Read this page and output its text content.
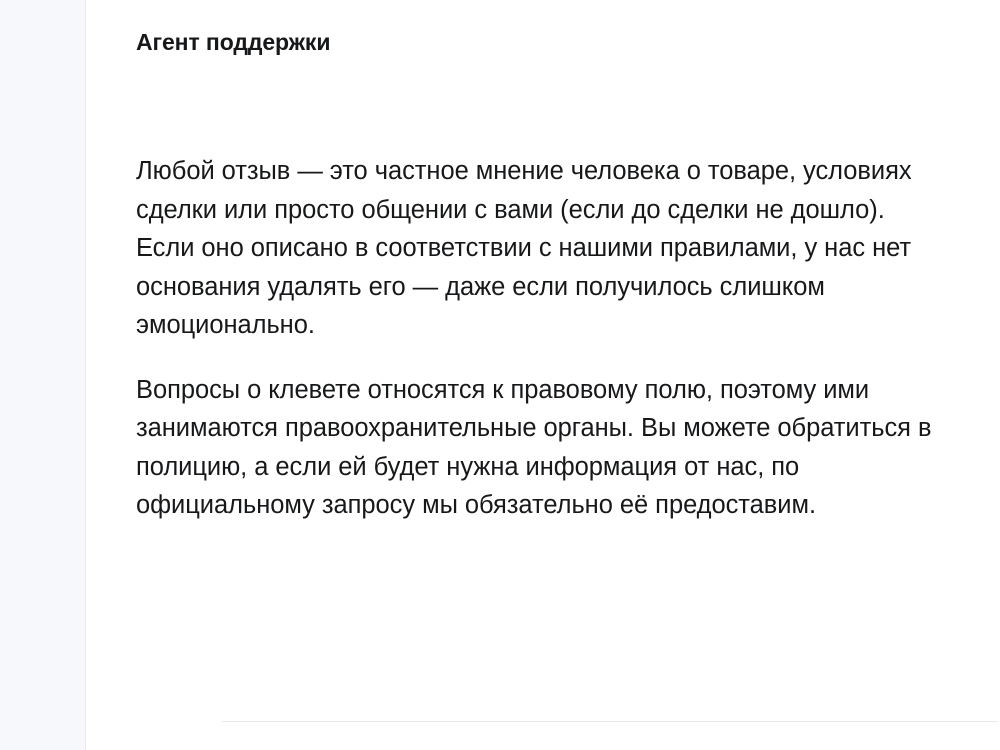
Агент поддержки

Любой отзыв — это частное мнение человека о товаре, условиях сделки или просто общении с вами (если до сделки не дошло). Если оно описано в соответствии с нашими правилами, у нас нет основания удалять его — даже если получилось слишком эмоционально.

Вопросы о клевете относятся к правовому полю, поэтому ими занимаются правоохранительные органы. Вы можете обратиться в полицию, а если ей будет нужна информация от нас, по официальному запросу мы обязательно её предоставим.
